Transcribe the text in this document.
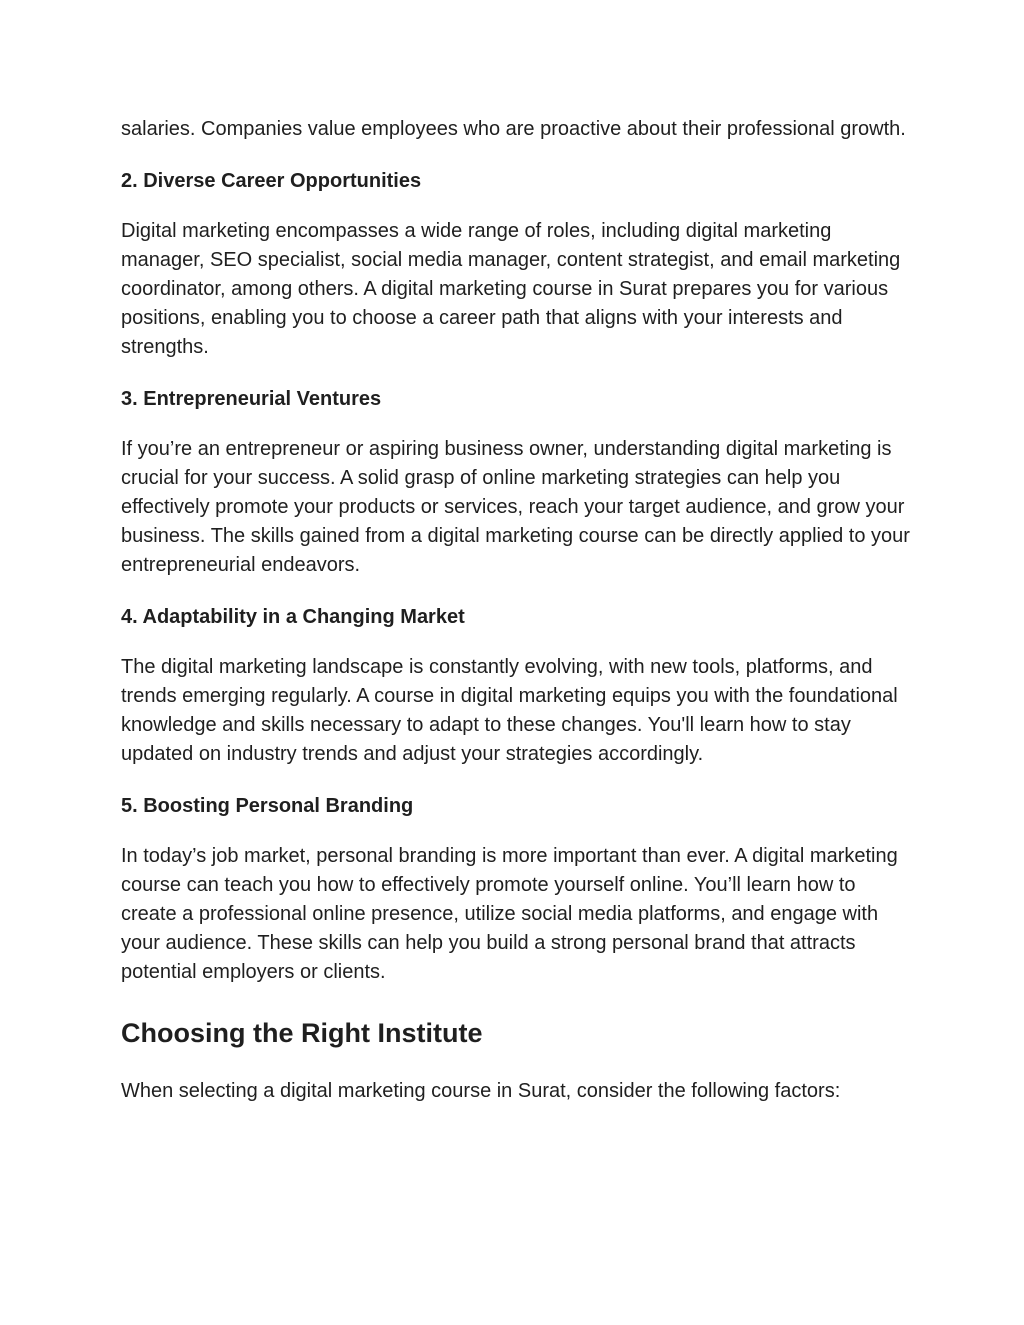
salaries. Companies value employees who are proactive about their professional growth.

2. Diverse Career Opportunities

Digital marketing encompasses a wide range of roles, including digital marketing manager, SEO specialist, social media manager, content strategist, and email marketing coordinator, among others. A digital marketing course in Surat prepares you for various positions, enabling you to choose a career path that aligns with your interests and strengths.

3. Entrepreneurial Ventures

If you’re an entrepreneur or aspiring business owner, understanding digital marketing is crucial for your success. A solid grasp of online marketing strategies can help you effectively promote your products or services, reach your target audience, and grow your business. The skills gained from a digital marketing course can be directly applied to your entrepreneurial endeavors.

4. Adaptability in a Changing Market

The digital marketing landscape is constantly evolving, with new tools, platforms, and trends emerging regularly. A course in digital marketing equips you with the foundational knowledge and skills necessary to adapt to these changes. You'll learn how to stay updated on industry trends and adjust your strategies accordingly.

5. Boosting Personal Branding

In today’s job market, personal branding is more important than ever. A digital marketing course can teach you how to effectively promote yourself online. You’ll learn how to create a professional online presence, utilize social media platforms, and engage with your audience. These skills can help you build a strong personal brand that attracts potential employers or clients.

Choosing the Right Institute

When selecting a digital marketing course in Surat, consider the following factors:
